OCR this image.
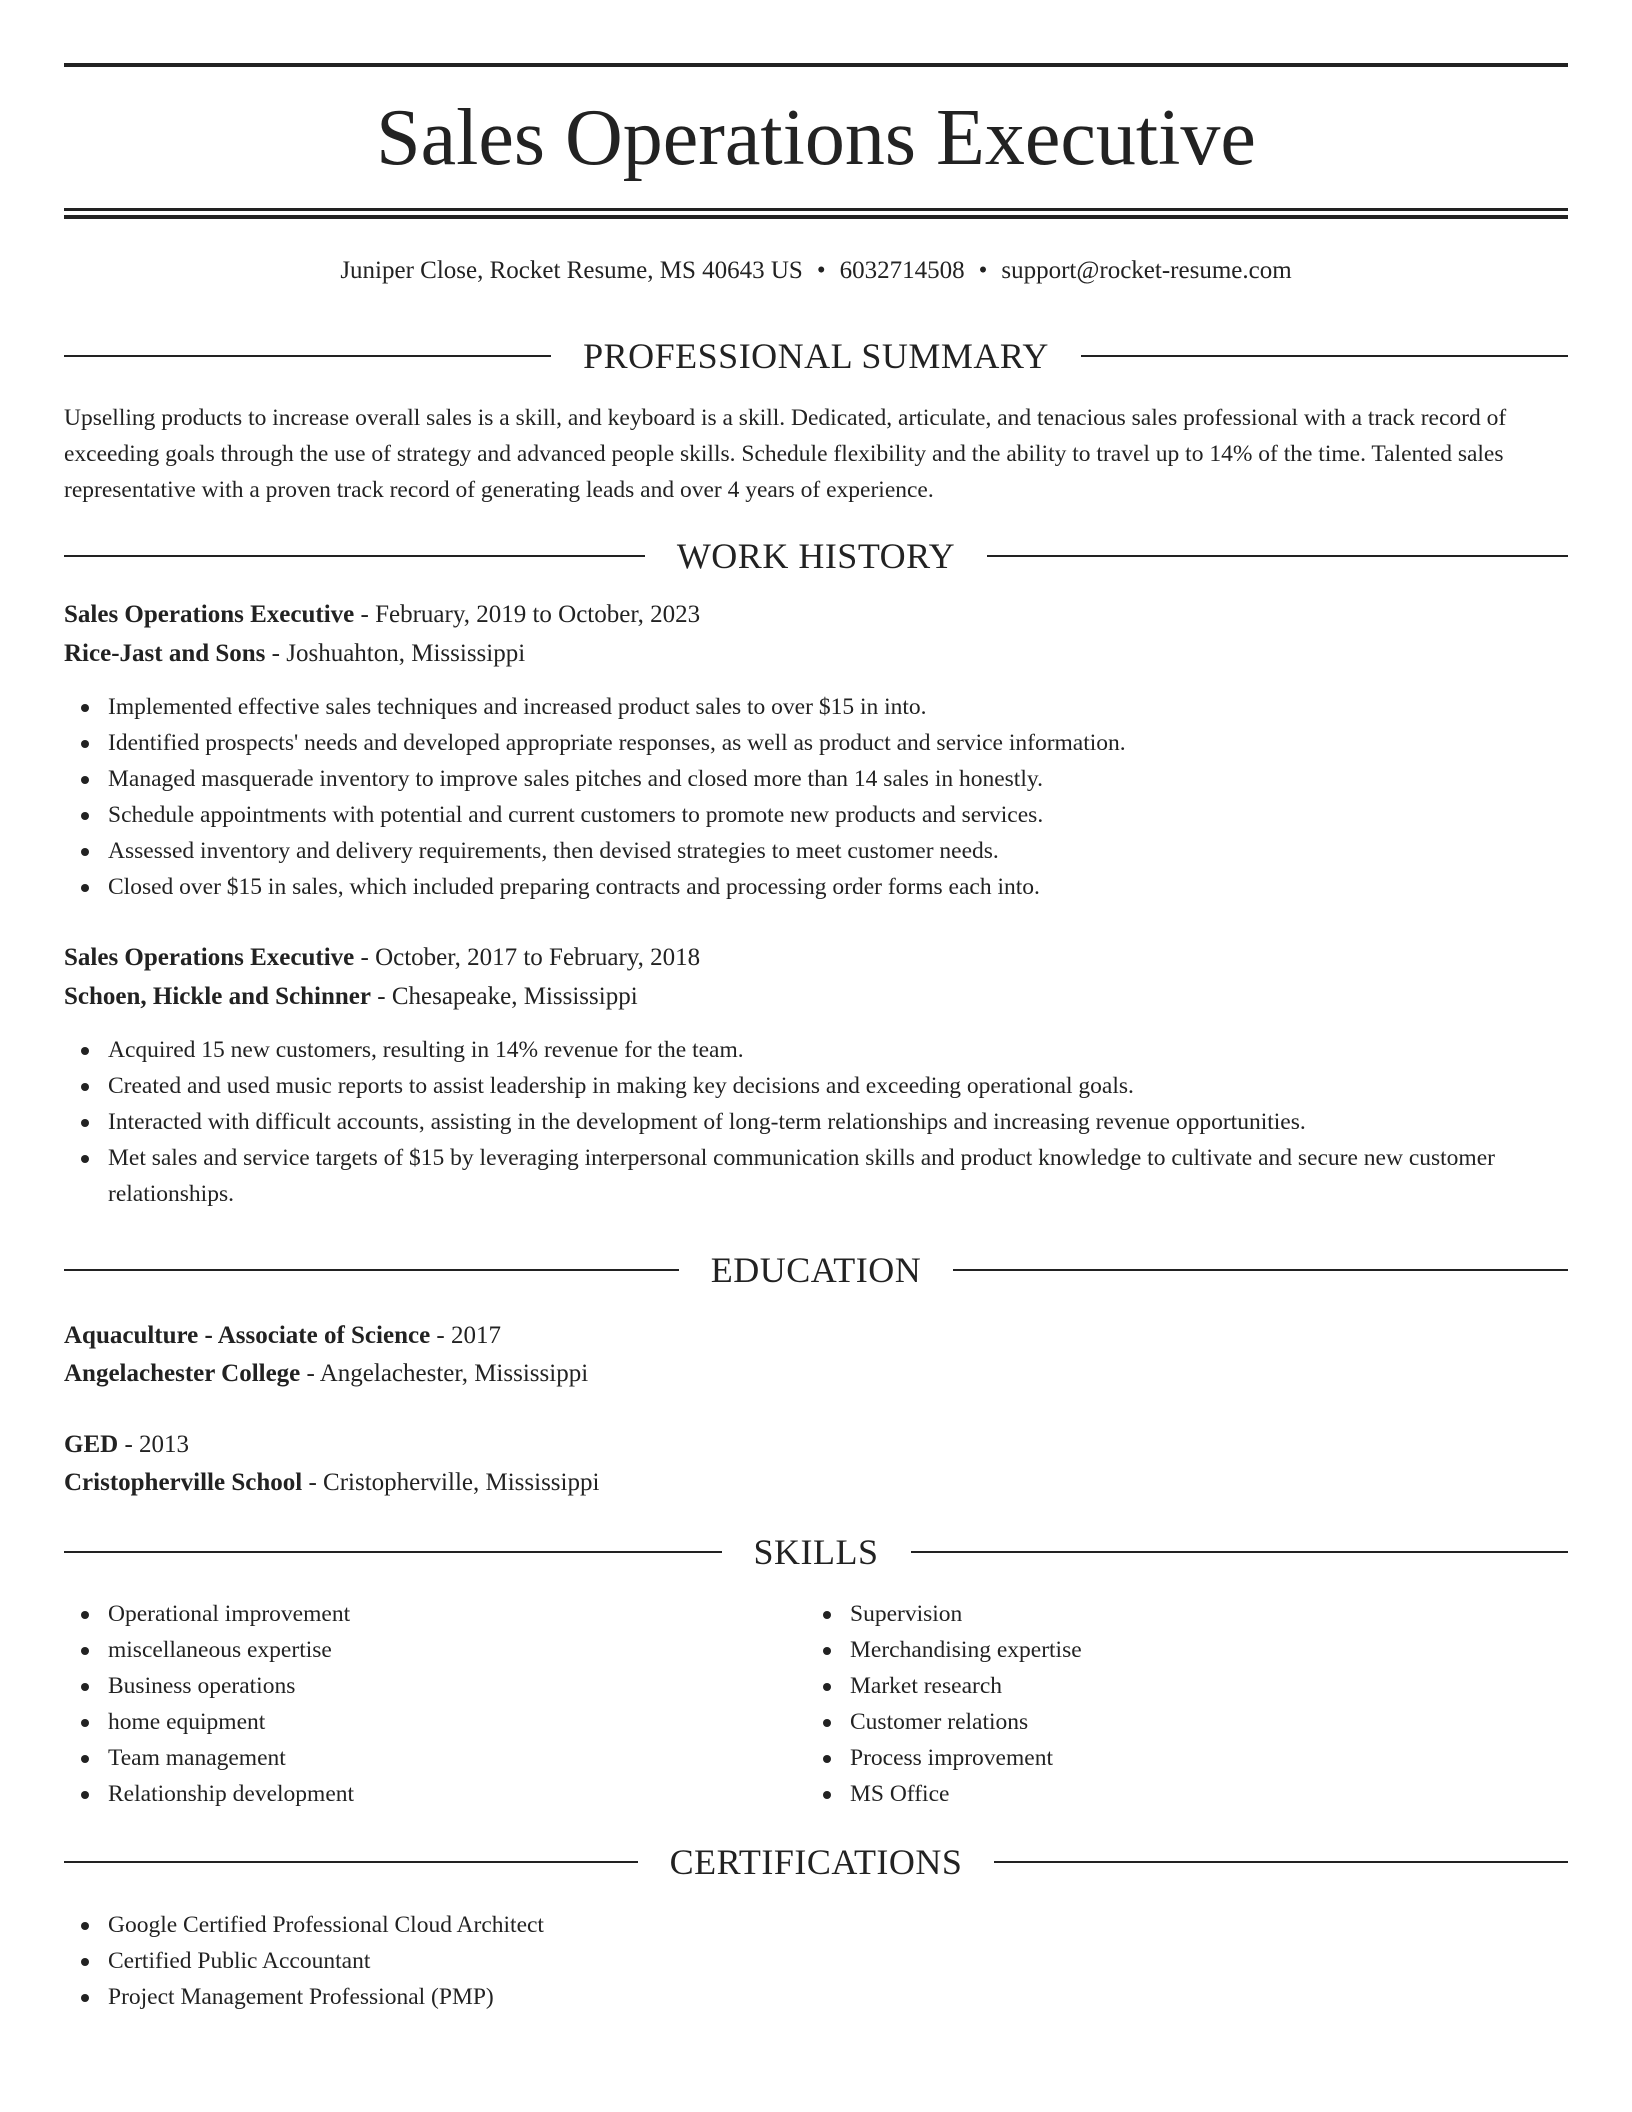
Sales Operations Executive
Juniper Close, Rocket Resume, MS 40643 US • 6032714508 • support@rocket-resume.com
PROFESSIONAL SUMMARY

Upselling products to increase overall sales is a skill, and keyboard is a skill. Dedicated, articulate, and tenacious sales professional with a track record of exceeding goals through the use of strategy and advanced people skills. Schedule flexibility and the ability to travel up to 14% of the time. Talented sales representative with a proven track record of generating leads and over 4 years of experience.

WORK HISTORY
Sales Operations Executive - February, 2019 to October, 2023
Rice-Jast and Sons - Joshuahton, Mississippi
Implemented effective sales techniques and increased product sales to over $15 in into.
Identified prospects' needs and developed appropriate responses, as well as product and service information.
Managed masquerade inventory to improve sales pitches and closed more than 14 sales in honestly.
Schedule appointments with potential and current customers to promote new products and services.
Assessed inventory and delivery requirements, then devised strategies to meet customer needs.
Closed over $15 in sales, which included preparing contracts and processing order forms each into.
Sales Operations Executive - October, 2017 to February, 2018
Schoen, Hickle and Schinner - Chesapeake, Mississippi
Acquired 15 new customers, resulting in 14% revenue for the team.
Created and used music reports to assist leadership in making key decisions and exceeding operational goals.
Interacted with difficult accounts, assisting in the development of long-term relationships and increasing revenue opportunities.
Met sales and service targets of $15 by leveraging interpersonal communication skills and product knowledge to cultivate and secure new customer relationships.
EDUCATION
Aquaculture - Associate of Science - 2017
Angelachester College - Angelachester, Mississippi
GED - 2013
Cristopherville School - Cristopherville, Mississippi
SKILLS
Operational improvement
miscellaneous expertise
Business operations
home equipment
Team management
Relationship development
Supervision
Merchandising expertise
Market research
Customer relations
Process improvement
MS Office
CERTIFICATIONS
Google Certified Professional Cloud Architect
Certified Public Accountant
Project Management Professional (PMP)
